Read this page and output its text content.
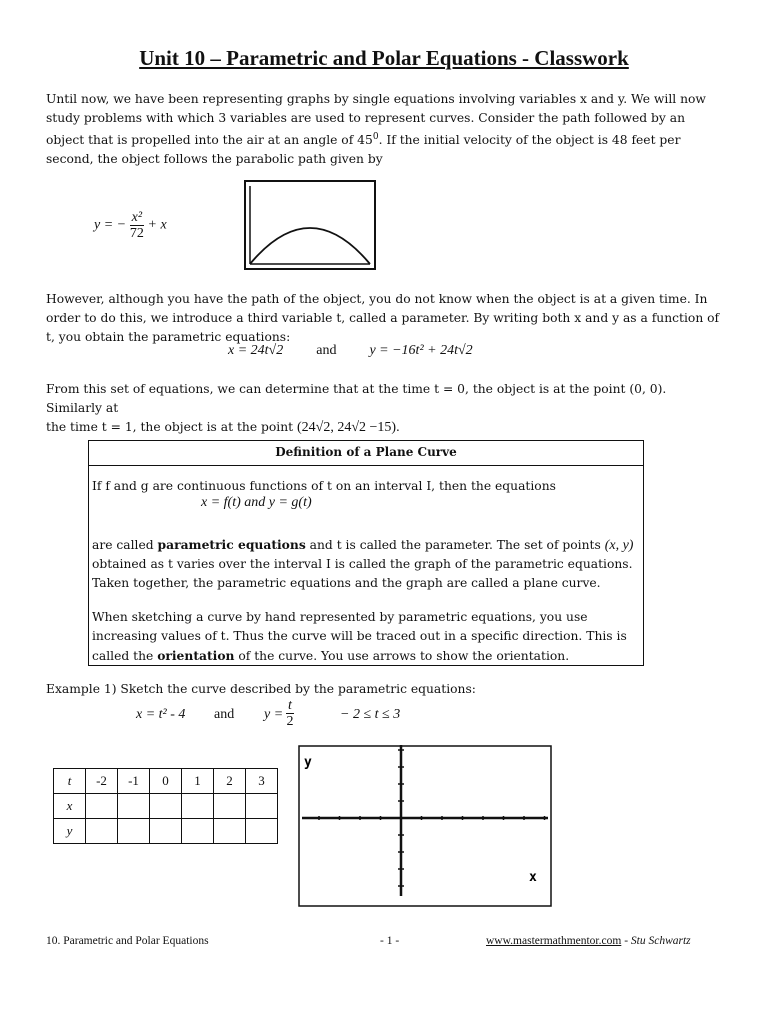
Unit 10 – Parametric and Polar Equations - Classwork
Until now, we have been representing graphs by single equations involving variables x and y. We will now study problems with which 3 variables are used to represent curves. Consider the path followed by an object that is propelled into the air at an angle of $45^0$. If the initial velocity of the object is 48 feet per second, the object follows the parabolic path given by
y = − $\frac{\text{x²}}{72} + x$
However, although you have the path of the object, you do not know when the object is at a given time. In order to do this, we introduce a third variable t, called a parameter. By writing both x and y as a function of t, you obtain the parametric equations:
x = 24t√2 and y = −16t² + 24t√2
From this set of equations, we can determine that at the time t = 0, the object is at the point (0, 0). Similarly at
the time t = 1, the object is at the point (24√2, 24√2 −15).
Definition of a Plane Curve
If f and g are continuous functions of t on an interval I, then the equations
x = f(t) and y = g(t)
are called parametric equations and t is called the parameter. The set of points (x, y) obtained as t varies over the interval I is called the graph of the parametric equations. Taken together, the parametric equations and the graph are called a plane curve.
When sketching a curve by hand represented by parametric equations, you use increasing values of t. Thus the curve will be traced out in a specific direction. This is called the orientation of the curve. You use arrows to show the orientation.
Example 1) Sketch the curve described by the parametric equations:
x = t² - 4 and $y = \frac{t}{2}$	− 2 ≤ t ≤ 3
t	-2	-1	0	1	2	3
x						
y						
y
x
10. Parametric and Polar Equations	- 1 -	www.mastermathmentor.com - Stu Schwartz
